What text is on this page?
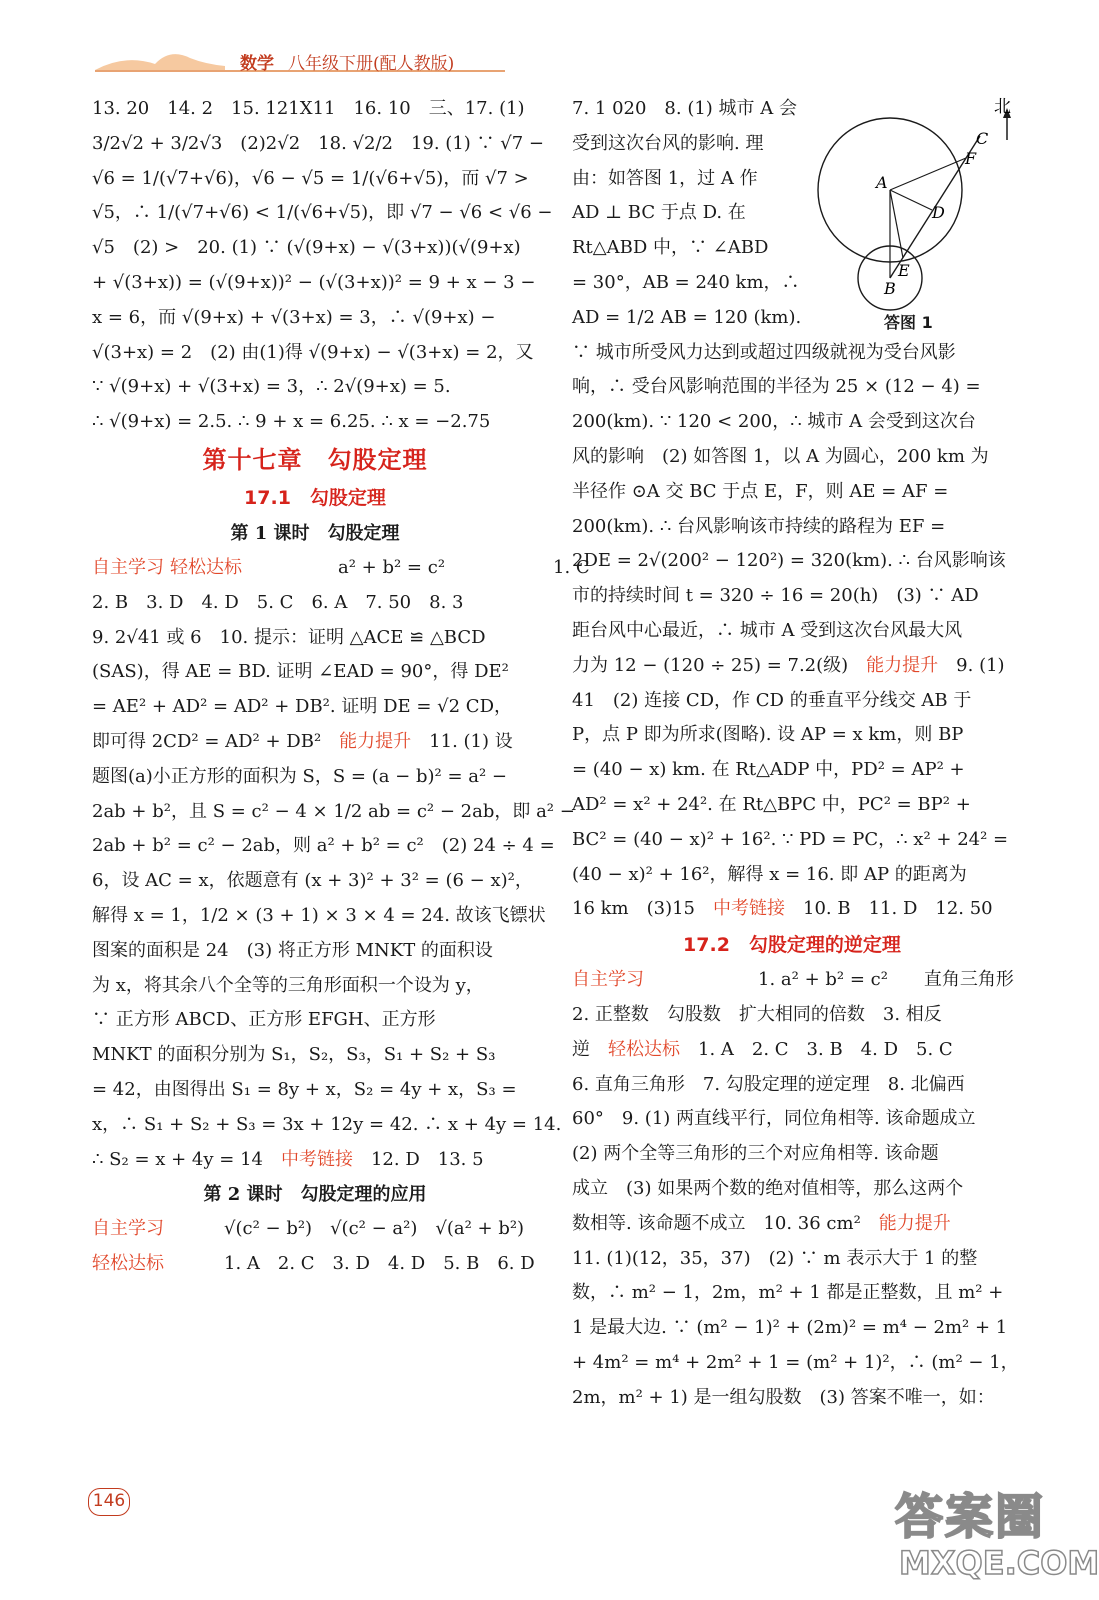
数学 八年级下册(配人教版)
13. 20　14. 2　15. 121X11　16. 10　三、17. (1)
3/2√2 + 3/2√3　(2)2√2　18. √2/2　19. (1) ∵ √7 −
√6 = 1/(√7+√6)，√6 − √5 = 1/(√6+√5)，而 √7 >
√5，∴ 1/(√7+√6) < 1/(√6+√5)，即 √7 − √6 < √6 −
√5　(2) >　20. (1) ∵ (√(9+x) − √(3+x))(√(9+x)
+ √(3+x)) = (√(9+x))² − (√(3+x))² = 9 + x − 3 −
x = 6，而 √(9+x) + √(3+x) = 3，∴ √(9+x) −
√(3+x) = 2　(2) 由(1)得 √(9+x) − √(3+x) = 2，又
∵ √(9+x) + √(3+x) = 3，∴ 2√(9+x) = 5.
∴ √(9+x) = 2.5. ∴ 9 + x = 6.25. ∴ x = −2.75
第十七章　勾股定理
17.1　勾股定理
第 1 课时　勾股定理
自主学习 轻松达标　　　　　a² + b² = c²　　　　　　1. C
2. B　3. D　4. D　5. C　6. A　7. 50　8. 3
9. 2√41 或 6　10. 提示：证明 △ACE ≌ △BCD
(SAS)，得 AE = BD. 证明 ∠EAD = 90°，得 DE²
= AE² + AD² = AD² + DB². 证明 DE = √2 CD，
即可得 2CD² = AD² + DB²　能力提升　11. (1) 设
题图(a)小正方形的面积为 S，S = (a − b)² = a² −
2ab + b²，且 S = c² − 4 × 1/2 ab = c² − 2ab，即 a² −
2ab + b² = c² − 2ab，则 a² + b² = c²　(2) 24 ÷ 4 =
6，设 AC = x，依题意有 (x + 3)² + 3² = (6 − x)²，
解得 x = 1，1/2 × (3 + 1) × 3 × 4 = 24. 故该飞镖状
图案的面积是 24　(3) 将正方形 MNKT 的面积设
为 x，将其余八个全等的三角形面积一个设为 y，
∵ 正方形 ABCD、正方形 EFGH、正方形
MNKT 的面积分别为 S₁，S₂，S₃，S₁ + S₂ + S₃
= 42，由图得出 S₁ = 8y + x，S₂ = 4y + x，S₃ =
x，∴ S₁ + S₂ + S₃ = 3x + 12y = 42. ∴ x + 4y = 14.
∴ S₂ = x + 4y = 14　中考链接　12. D　13. 5
第 2 课时　勾股定理的应用
自主学习　　　√(c² − b²)　√(c² − a²)　√(a² + b²)
轻松达标　　　1. A　2. C　3. D　4. D　5. B　6. D
7. 1 020　8. (1) 城市 A 会
受到这次台风的影响. 理
由：如答图 1，过 A 作
AD ⊥ BC 于点 D. 在
Rt△ABD 中，∵ ∠ABD
= 30°，AB = 240 km，∴
AD = 1/2 AB = 120 (km).
∵ 城市所受风力达到或超过四级就视为受台风影
响，∴ 受台风影响范围的半径为 25 × (12 − 4) =
200(km). ∵ 120 < 200，∴ 城市 A 会受到这次台
风的影响　(2) 如答图 1，以 A 为圆心，200 km 为
半径作 ⊙A 交 BC 于点 E，F，则 AE = AF =
200(km). ∴ 台风影响该市持续的路程为 EF =
2DE = 2√(200² − 120²) = 320(km). ∴ 台风影响该
市的持续时间 t = 320 ÷ 16 = 20(h)　(3) ∵ AD
距台风中心最近，∴ 城市 A 受到这次台风最大风
力为 12 − (120 ÷ 25) = 7.2(级)　能力提升　9. (1)
41　(2) 连接 CD，作 CD 的垂直平分线交 AB 于
P，点 P 即为所求(图略). 设 AP = x km，则 BP
= (40 − x) km. 在 Rt△ADP 中，PD² = AP² +
AD² = x² + 24². 在 Rt△BPC 中，PC² = BP² +
BC² = (40 − x)² + 16². ∵ PD = PC，∴ x² + 24² =
(40 − x)² + 16²，解得 x = 16. 即 AP 的距离为
16 km　(3)15　中考链接　10. B　11. D　12. 50
17.2　勾股定理的逆定理
自主学习　　　　　　1. a² + b² = c²　　直角三角形
2. 正整数　勾股数　扩大相同的倍数　3. 相反
逆　轻松达标　1. A　2. C　3. B　4. D　5. C
6. 直角三角形　7. 勾股定理的逆定理　8. 北偏西
60°　9. (1) 两直线平行，同位角相等. 该命题成立
(2) 两个全等三角形的三个对应角相等. 该命题
成立　(3) 如果两个数的绝对值相等，那么这两个
数相等. 该命题不成立　10. 36 cm²　能力提升
11. (1)(12，35，37)　(2) ∵ m 表示大于 1 的整
数，∴ m² − 1，2m，m² + 1 都是正整数，且 m² +
1 是最大边. ∵ (m² − 1)² + (2m)² = m⁴ − 2m² + 1
+ 4m² = m⁴ + 2m² + 1 = (m² + 1)²，∴ (m² − 1，
2m，m² + 1) 是一组勾股数　(3) 答案不唯一，如：
北
A
B
C
D
E
F
答图 1
146	答案圈
MXQE.COM
